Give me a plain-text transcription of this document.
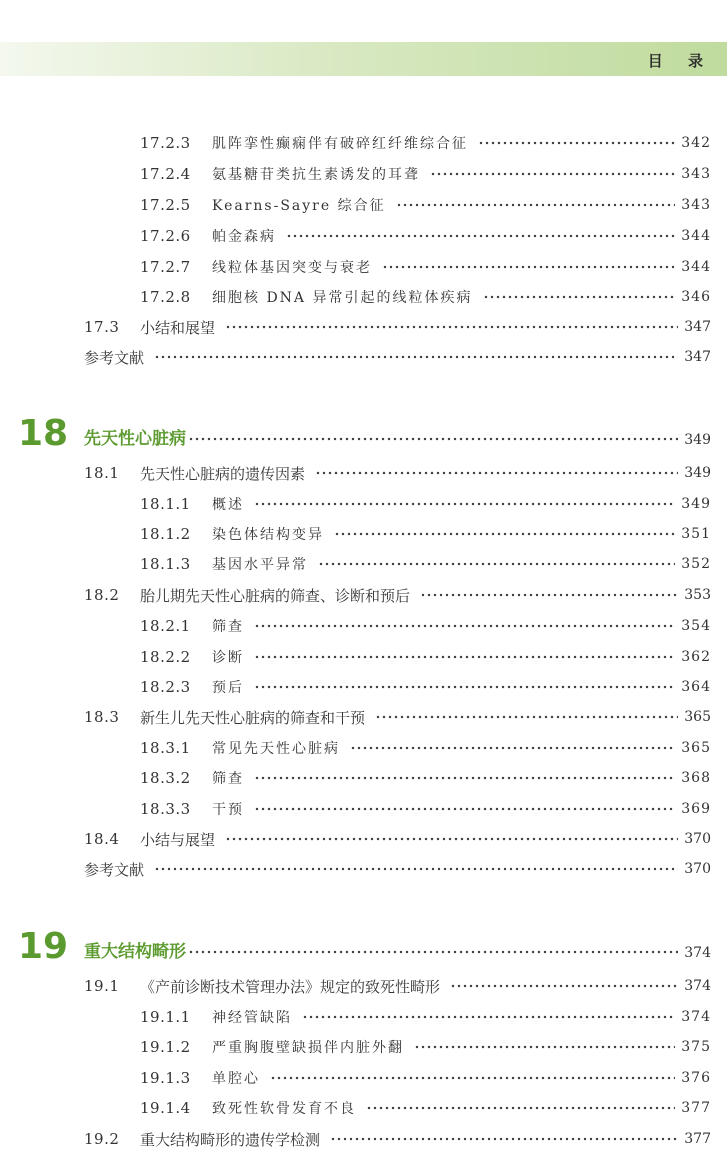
目 录
17.2.3	肌阵挛性癫痫伴有破碎红纤维综合征	342
17.2.4	氨基糖苷类抗生素诱发的耳聋	343
17.2.5	Kearns-Sayre 综合征	343
17.2.6	帕金森病	344
17.2.7	线粒体基因突变与衰老	344
17.2.8	细胞核 DNA 异常引起的线粒体疾病	346
17.3	小结和展望	347
参考文献	347
18 先天性心脏病	349
18.1	先天性心脏病的遗传因素	349
18.1.1	概述	349
18.1.2	染色体结构变异	351
18.1.3	基因水平异常	352
18.2	胎儿期先天性心脏病的筛查、诊断和预后	353
18.2.1	筛查	354
18.2.2	诊断	362
18.2.3	预后	364
18.3	新生儿先天性心脏病的筛查和干预	365
18.3.1	常见先天性心脏病	365
18.3.2	筛查	368
18.3.3	干预	369
18.4	小结与展望	370
参考文献	370
19 重大结构畸形	374
19.1	《产前诊断技术管理办法》规定的致死性畸形	374
19.1.1	神经管缺陷	374
19.1.2	严重胸腹壁缺损伴内脏外翻	375
19.1.3	单腔心	376
19.1.4	致死性软骨发育不良	377
19.2	重大结构畸形的遗传学检测	377
